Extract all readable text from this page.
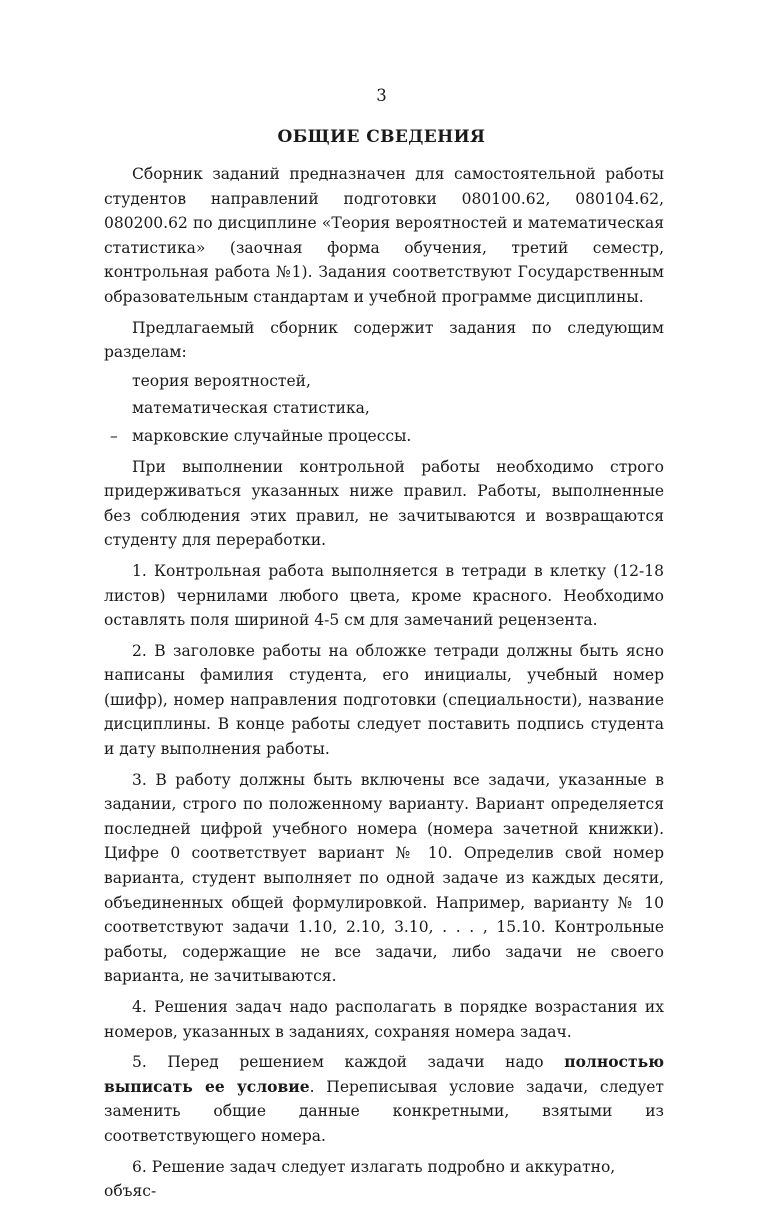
3
ОБЩИЕ СВЕДЕНИЯ

Сборник заданий предназначен для самостоятельной работы студентов направлений подготовки 080100.62, 080104.62, 080200.62 по дисциплине «Теория вероятностей и математическая статистика» (заочная форма обучения, третий семестр, контрольная работа №1). Задания соответствуют Государственным образовательным стандартам и учебной программе дисциплины.

Предлагаемый сборник содержит задания по следующим разделам:

теория вероятностей,
математическая статистика,
– марковские случайные процессы.

При выполнении контрольной работы необходимо строго придерживаться указанных ниже правил. Работы, выполненные без соблюдения этих правил, не зачитываются и возвращаются студенту для переработки.

1. Контрольная работа выполняется в тетради в клетку (12-18 листов) чернилами любого цвета, кроме красного. Необходимо оставлять поля шириной 4-5 см для замечаний рецензента.

2. В заголовке работы на обложке тетради должны быть ясно написаны фамилия студента, его инициалы, учебный номер (шифр), номер направления подготовки (специальности), название дисциплины. В конце работы следует поставить подпись студента и дату выполнения работы.

3. В работу должны быть включены все задачи, указанные в задании, строго по положенному варианту. Вариант определяется последней цифрой учебного номера (номера зачетной книжки). Цифре 0 соответствует вариант № 10. Определив свой номер варианта, студент выполняет по одной задаче из каждых десяти, объединенных общей формулировкой. Например, варианту № 10 соответствуют задачи 1.10, 2.10, 3.10, . . . , 15.10. Контрольные работы, содержащие не все задачи, либо задачи не своего варианта, не зачитываются.

4. Решения задач надо располагать в порядке возрастания их номеров, указанных в заданиях, сохраняя номера задач.

5. Перед решением каждой задачи надо полностью выписать ее условие. Переписывая условие задачи, следует заменить общие данные конкретными, взятыми из соответствующего номера.

6. Решение задач следует излагать подробно и аккуратно, объяс-
